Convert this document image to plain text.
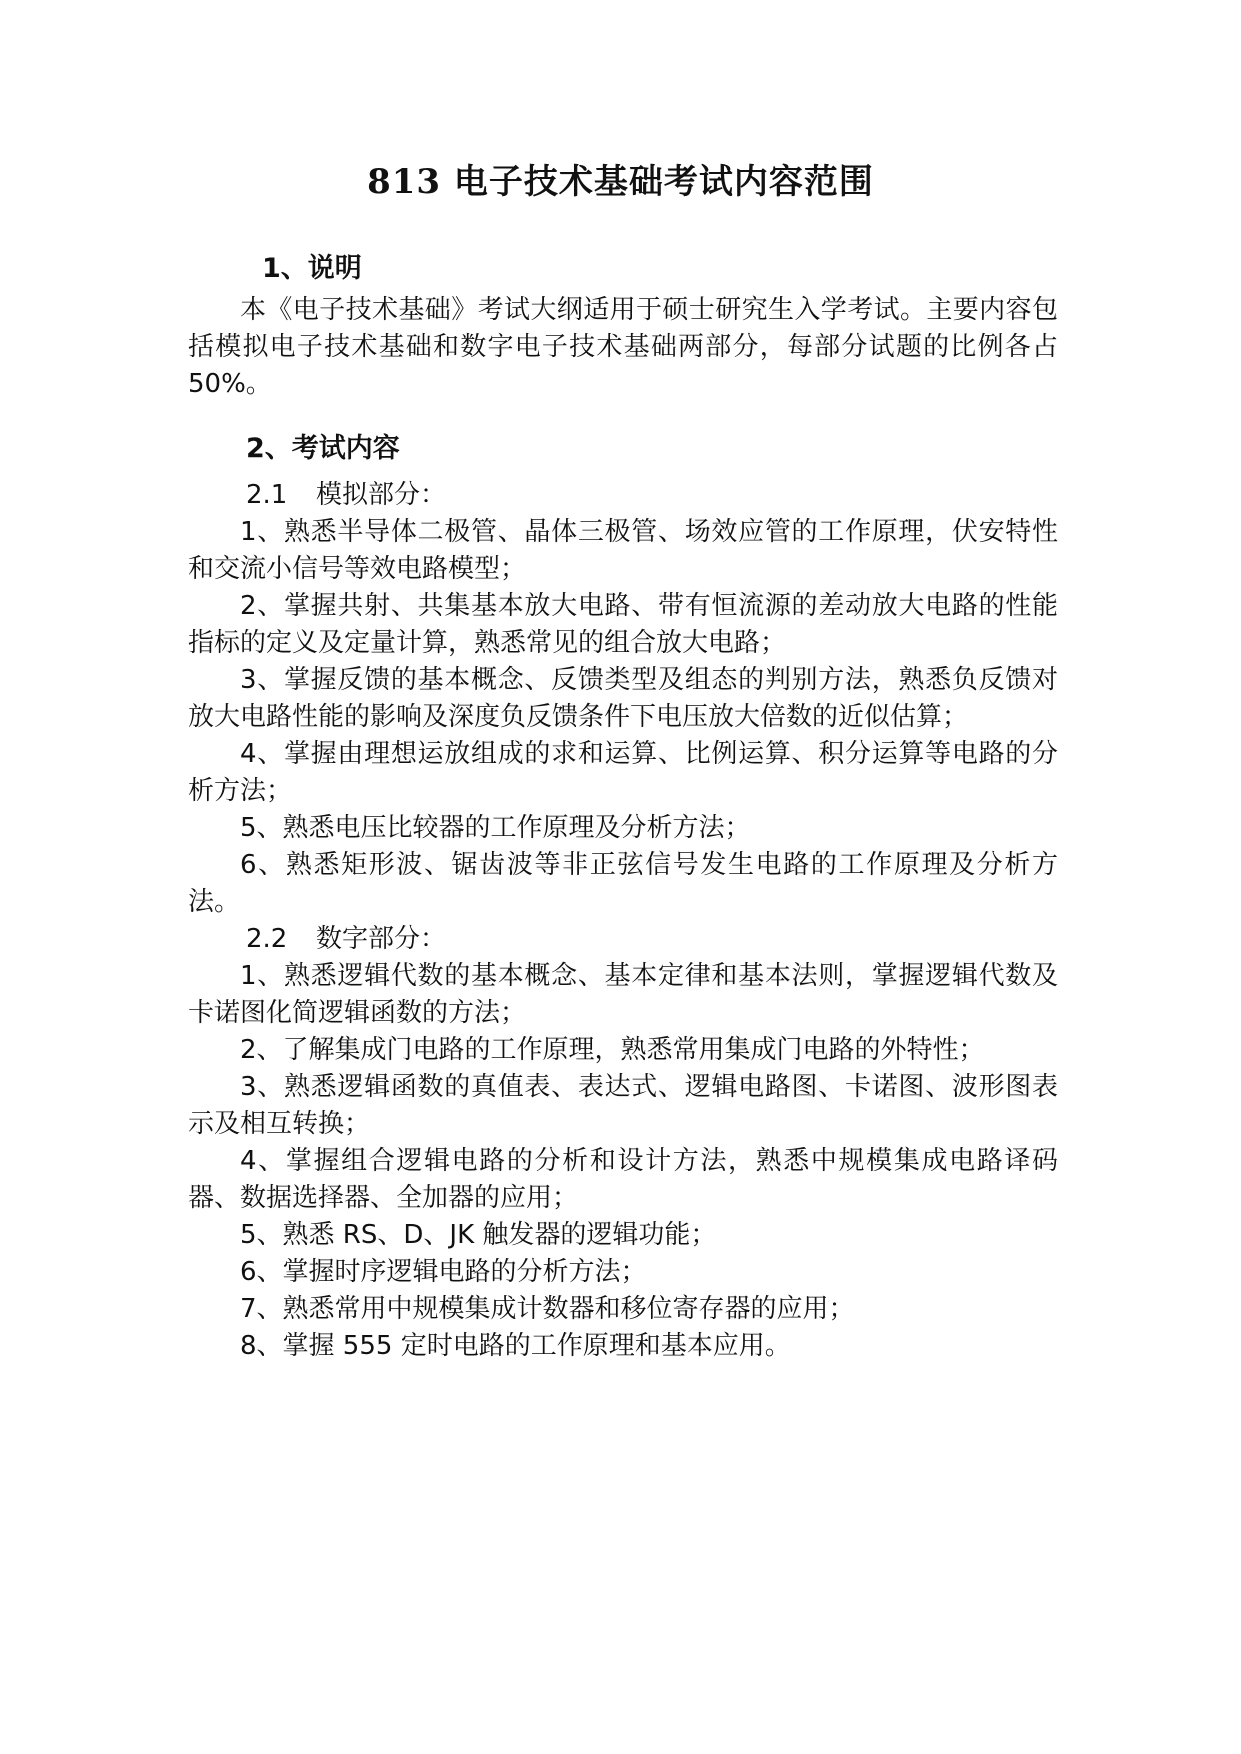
813 电子技术基础考试内容范围
1、说明

本《电子技术基础》考试大纲适用于硕士研究生入学考试。主要内容包括模拟电子技术基础和数字电子技术基础两部分，每部分试题的比例各占 50%。

2、考试内容

2.1 模拟部分：

1、熟悉半导体二极管、晶体三极管、场效应管的工作原理，伏安特性和交流小信号等效电路模型；

2、掌握共射、共集基本放大电路、带有恒流源的差动放大电路的性能指标的定义及定量计算，熟悉常见的组合放大电路；

3、掌握反馈的基本概念、反馈类型及组态的判别方法，熟悉负反馈对放大电路性能的影响及深度负反馈条件下电压放大倍数的近似估算；

4、掌握由理想运放组成的求和运算、比例运算、积分运算等电路的分析方法；

5、熟悉电压比较器的工作原理及分析方法；

6、熟悉矩形波、锯齿波等非正弦信号发生电路的工作原理及分析方法。

2.2 数字部分：

1、熟悉逻辑代数的基本概念、基本定律和基本法则，掌握逻辑代数及卡诺图化简逻辑函数的方法；

2、了解集成门电路的工作原理，熟悉常用集成门电路的外特性；

3、熟悉逻辑函数的真值表、表达式、逻辑电路图、卡诺图、波形图表示及相互转换；

4、掌握组合逻辑电路的分析和设计方法，熟悉中规模集成电路译码器、数据选择器、全加器的应用；

5、熟悉 RS、D、JK 触发器的逻辑功能；

6、掌握时序逻辑电路的分析方法；

7、熟悉常用中规模集成计数器和移位寄存器的应用；

8、掌握 555 定时电路的工作原理和基本应用。
